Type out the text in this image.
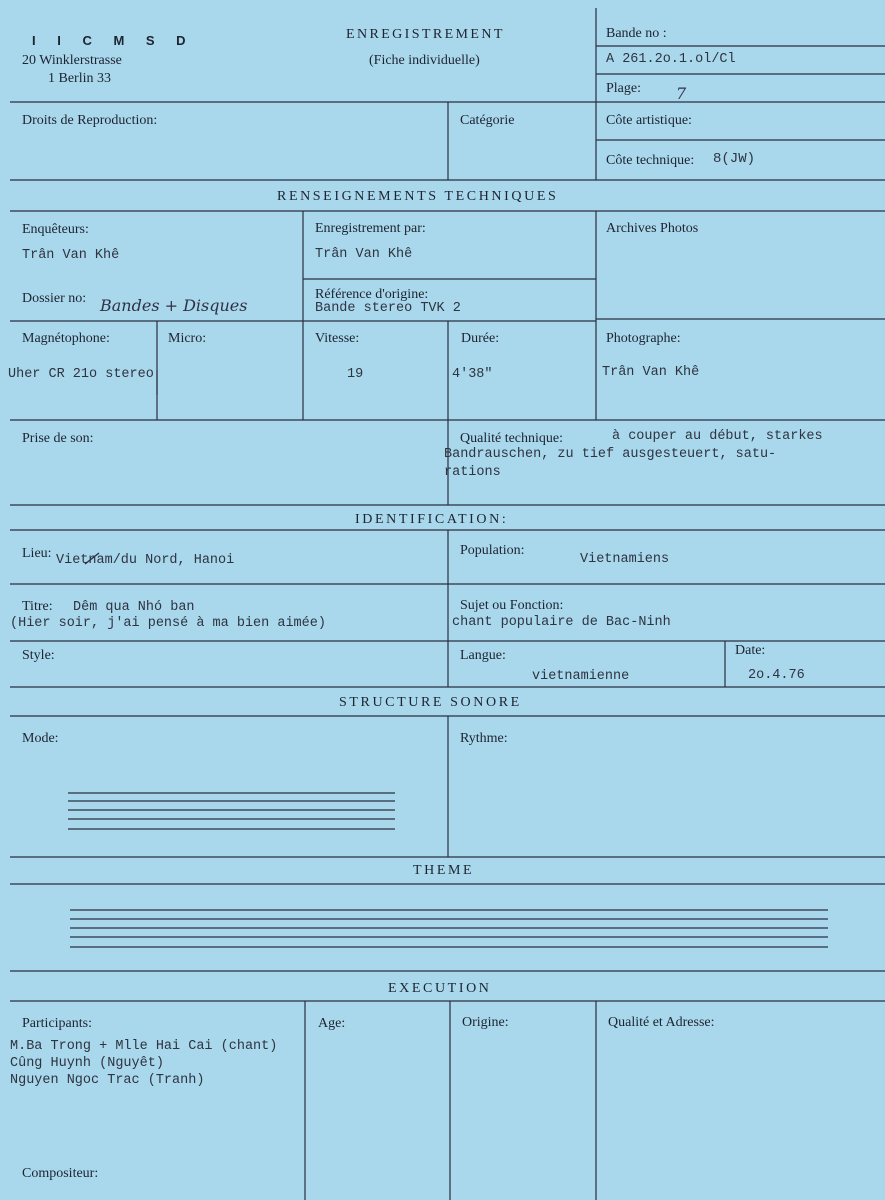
I I C M S D
20 Winklerstrasse
1 Berlin 33
ENREGISTREMENT
(Fiche individuelle)
Bande no :
A 261.2o.1.ol/Cl
Plage: 7
Droits de Reproduction:	Catégorie	Côte artistique:
Côte technique: 8(JW)
RENSEIGNEMENTS TECHNIQUES
Enquêteurs:
Trân Van Khê
Enregistrement par:
Trân Van Khê
Archives Photos
Dossier no: Bandes + Disques
Référence d'origine:
Bande stereo TVK 2
Magnétophone:	Micro:
Uher CR 21o stereo
Vitesse:
19
Durée:
4'38"
Photographe:
Trân Van Khê
Prise de son:	Qualité technique:	à couper au début, starkes
Bandrauschen, zu tief ausgesteuert, satu-
rations
IDENTIFICATION:
Lieu: Vietnam/du Nord, Hanoi
Population:
Vietnamiens
Titre: Dêm qua Nhó ban
(Hier soir, j'ai pensé à ma bien aimée)
Sujet ou Fonction:
chant populaire de Bac-Ninh
Style:	Langue:
vietnamienne
Date:
2o.4.76
STRUCTURE SONORE
Mode:	Rythme:
THEME
EXECUTION
Participants:	Age:	Origine:	Qualité et Adresse:
M.Ba Trong + Mlle Hai Cai (chant)
Cûng Huynh (Nguyêt)
Nguyen Ngoc Trac (Tranh)
Compositeur:
